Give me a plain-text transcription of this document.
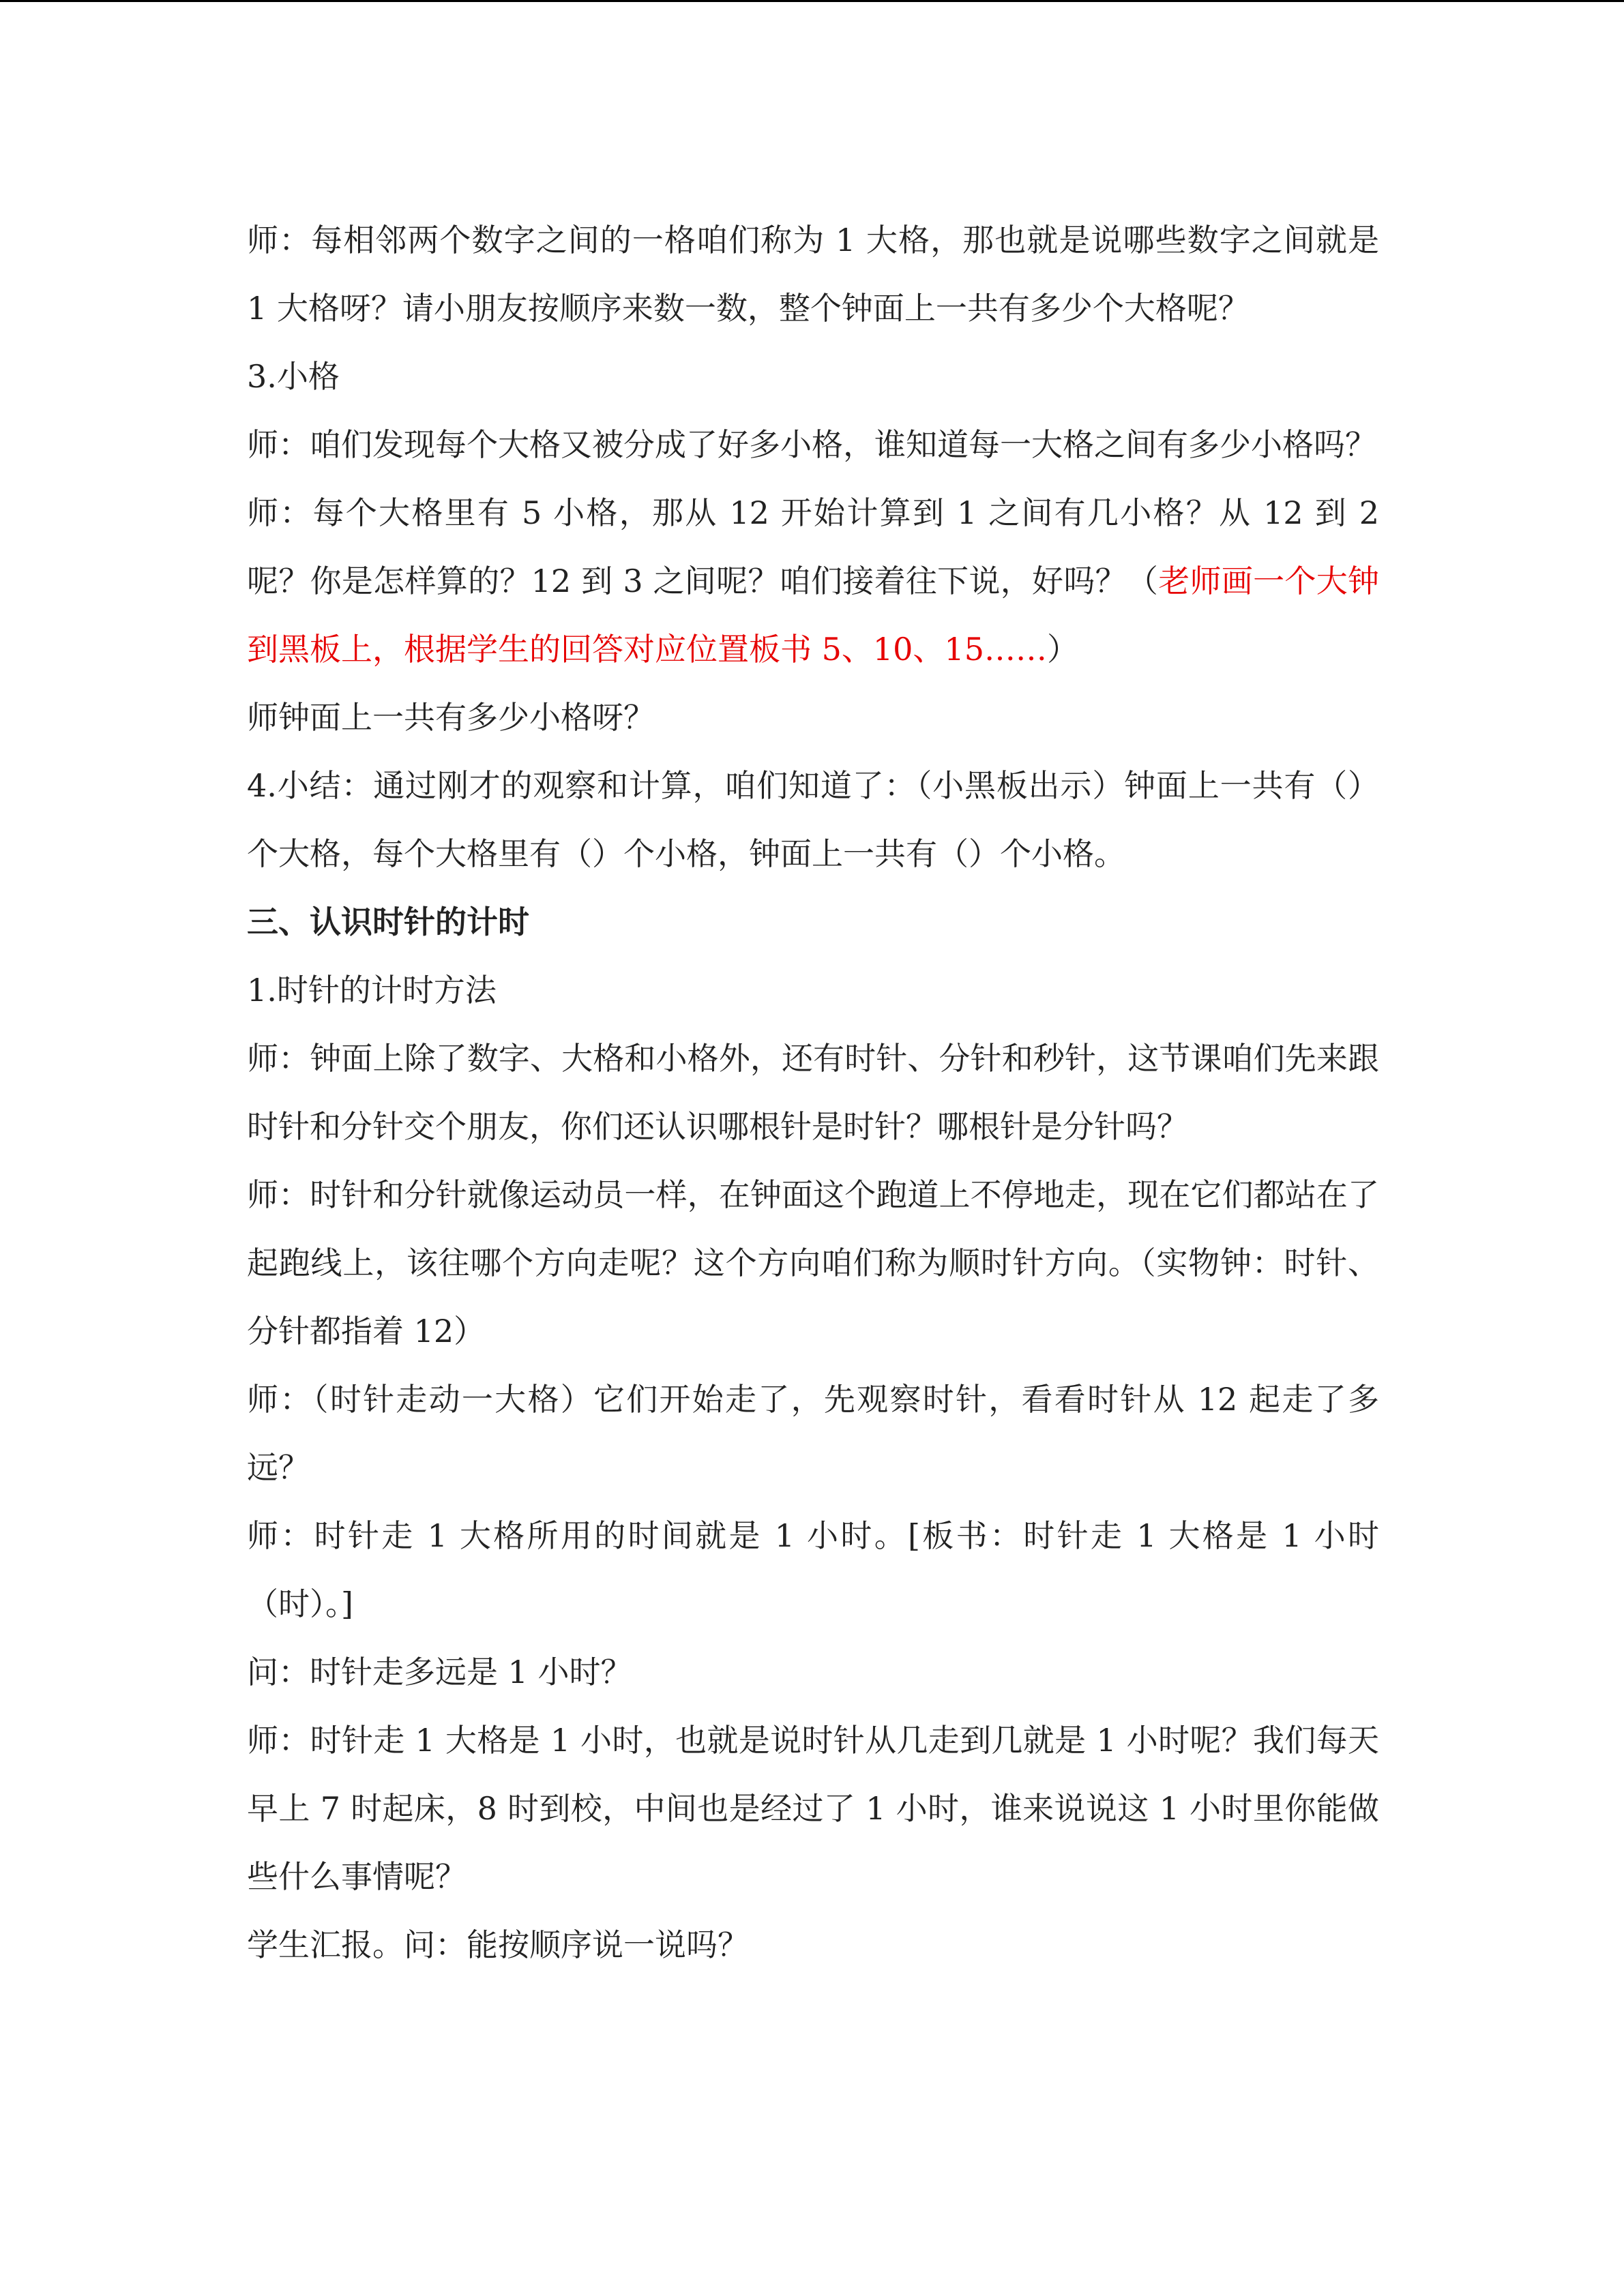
师：每相邻两个数字之间的一格咱们称为 1 大格，那也就是说哪些数字之间就是 1 大格呀？请小朋友按顺序来数一数，整个钟面上一共有多少个大格呢？

3.小格

师：咱们发现每个大格又被分成了好多小格，谁知道每一大格之间有多少小格吗？

师：每个大格里有 5 小格，那从 12 开始计算到 1 之间有几小格？从 12 到 2 呢？你是怎样算的？12 到 3 之间呢？咱们接着往下说，好吗？（老师画一个大钟到黑板上，根据学生的回答对应位置板书 5、10、15……）

师钟面上一共有多少小格呀？

4.小结：通过刚才的观察和计算，咱们知道了：（小黑板出示）钟面上一共有（）个大格，每个大格里有（）个小格，钟面上一共有（）个小格。

三、认识时针的计时

1.时针的计时方法

师：钟面上除了数字、大格和小格外，还有时针、分针和秒针，这节课咱们先来跟时针和分针交个朋友，你们还认识哪根针是时针？哪根针是分针吗？

师：时针和分针就像运动员一样，在钟面这个跑道上不停地走，现在它们都站在了起跑线上，该往哪个方向走呢？这个方向咱们称为顺时针方向。（实物钟：时针、分针都指着 12）

师：（时针走动一大格）它们开始走了，先观察时针，看看时针从 12 起走了多远？

师：时针走 1 大格所用的时间就是 1 小时。[板书：时针走 1 大格是 1 小时（时）。]

问：时针走多远是 1 小时？

师：时针走 1 大格是 1 小时，也就是说时针从几走到几就是 1 小时呢？我们每天早上 7 时起床，8 时到校，中间也是经过了 1 小时，谁来说说这 1 小时里你能做些什么事情呢？

学生汇报。问：能按顺序说一说吗？
